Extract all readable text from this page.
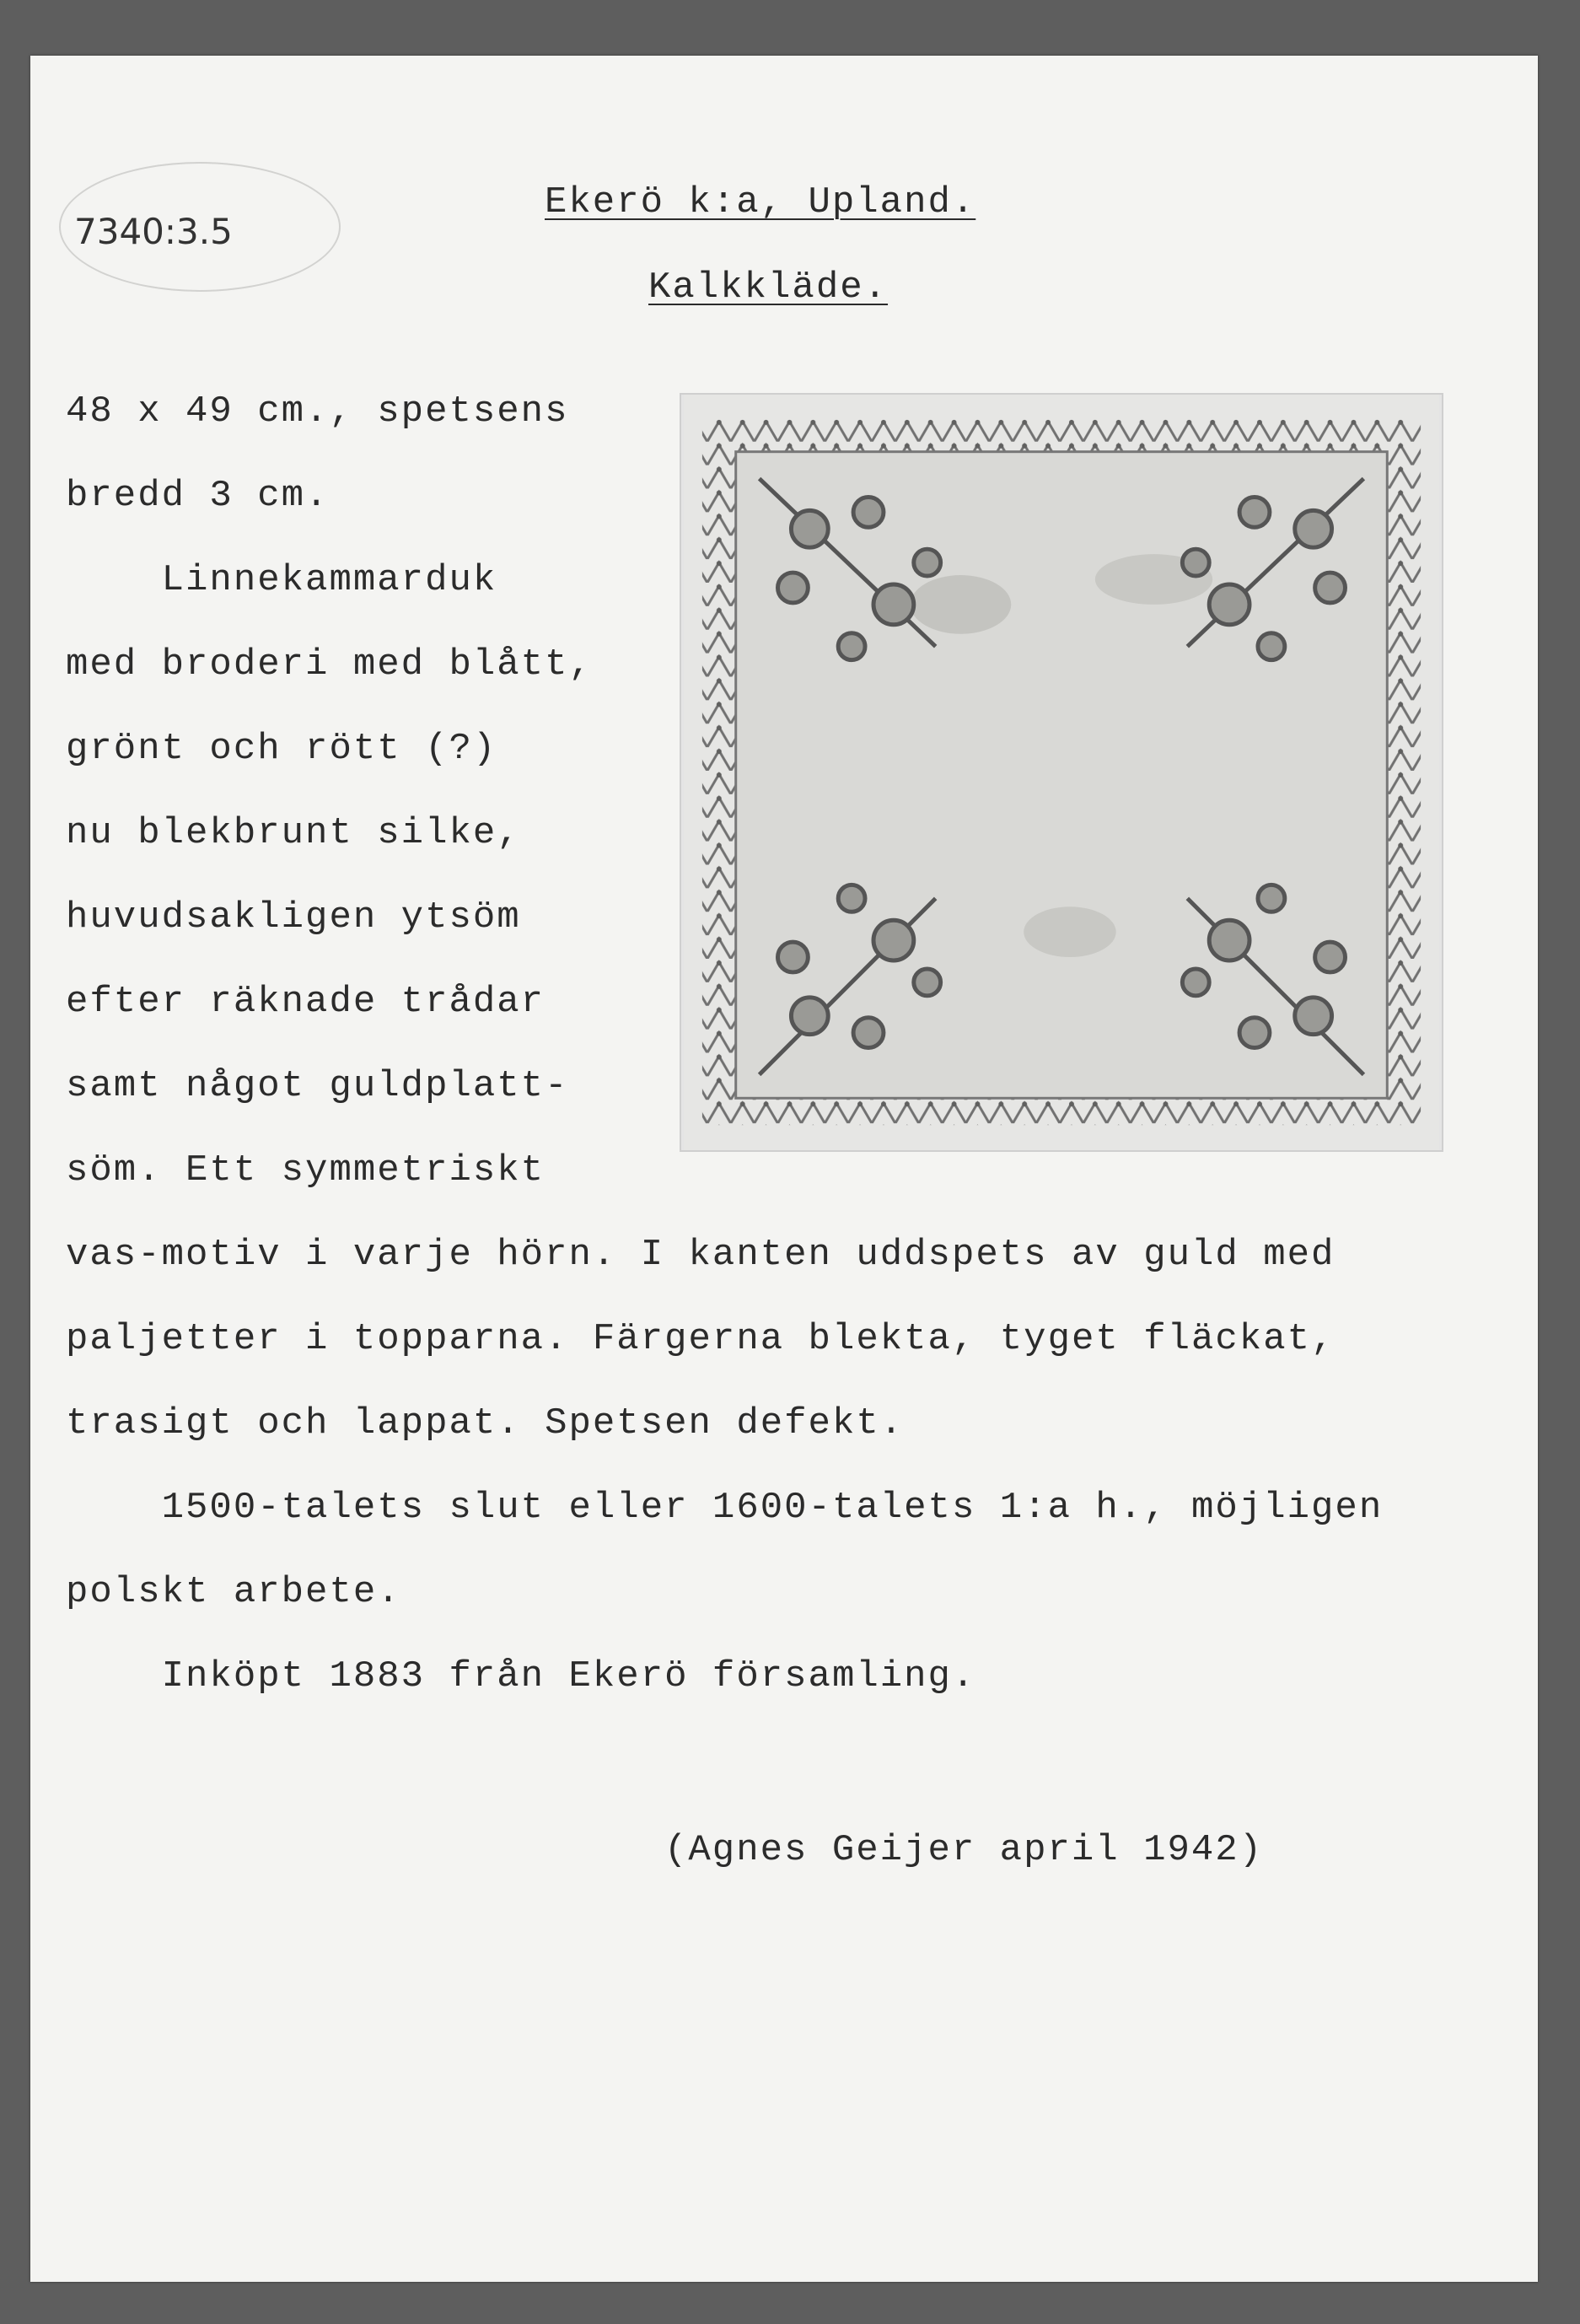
7340:3.5
Ekerö k:a, Upland.
Kalkkläde.
48 x 49 cm., spetsens
bredd 3 cm.
Linnekammarduk
med broderi med blått,
grönt och rött (?)
nu blekbrunt silke,
huvudsakligen ytsöm
efter räknade trådar
samt något guldplatt-
söm. Ett symmetriskt
vas-motiv i varje hörn. I kanten uddspets av guld med
paljetter i topparna. Färgerna blekta, tyget fläckat,
trasigt och lappat. Spetsen defekt.
1500-talets slut eller 1600-talets 1:a h., möjligen
polskt arbete.
Inköpt 1883 från Ekerö församling.
(Agnes Geijer april 1942)
